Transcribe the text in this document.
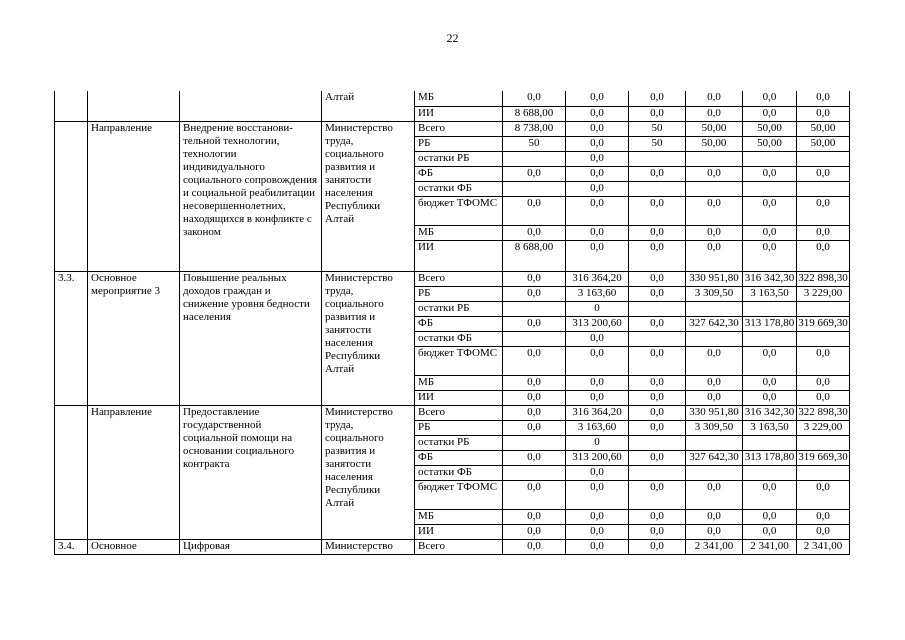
22
			Алтай	МБ	0,0	0,0	0,0	0,0	0,0	0,0
				ИИ	8 688,00	0,0	0,0	0,0	0,0	0,0
	Направление	Внедрение восстанови-тельной технологии, технологии индивидуального социального сопровождения и социальной реабилитации несовершеннолетних, находящихся в конфликте с законом	Министерство труда, социального развития и занятости населения Республики Алтай	Всего	8 738,00	0,0	50	50,00	50,00	50,00
				РБ	50	0,0	50	50,00	50,00	50,00
				остатки РБ		0,0				
				ФБ	0,0	0,0	0,0	0,0	0,0	0,0
				остатки ФБ		0,0				
				бюджет ТФОМС	0,0	0,0	0,0	0,0	0,0	0,0
				МБ	0,0	0,0	0,0	0,0	0,0	0,0
				ИИ	8 688,00	0,0	0,0	0,0	0,0	0,0
3.3.	Основное мероприятие 3	Повышение реальных доходов граждан и снижение уровня бедности населения	Министерство труда, социального развития и занятости населения Республики Алтай	Всего	0,0	316 364,20	0,0	330 951,80	316 342,30	322 898,30
				РБ	0,0	3 163,60	0,0	3 309,50	3 163,50	3 229,00
				остатки РБ		0				
				ФБ	0,0	313 200,60	0,0	327 642,30	313 178,80	319 669,30
				остатки ФБ		0,0				
				бюджет ТФОМС	0,0	0,0	0,0	0,0	0,0	0,0
				МБ	0,0	0,0	0,0	0,0	0,0	0,0
				ИИ	0,0	0,0	0,0	0,0	0,0	0,0
	Направление	Предоставление государственной социальной помощи на основании социального контракта	Министерство труда, социального развития и занятости населения Республики Алтай	Всего	0,0	316 364,20	0,0	330 951,80	316 342,30	322 898,30
				РБ	0,0	3 163,60	0,0	3 309,50	3 163,50	3 229,00
				остатки РБ		0				
				ФБ	0,0	313 200,60	0,0	327 642,30	313 178,80	319 669,30
				остатки ФБ		0,0				
				бюджет ТФОМС	0,0	0,0	0,0	0,0	0,0	0,0
				МБ	0,0	0,0	0,0	0,0	0,0	0,0
				ИИ	0,0	0,0	0,0	0,0	0,0	0,0
3.4.	Основное	Цифровая	Министерство	Всего	0,0	0,0	0,0	2 341,00	2 341,00	2 341,00
